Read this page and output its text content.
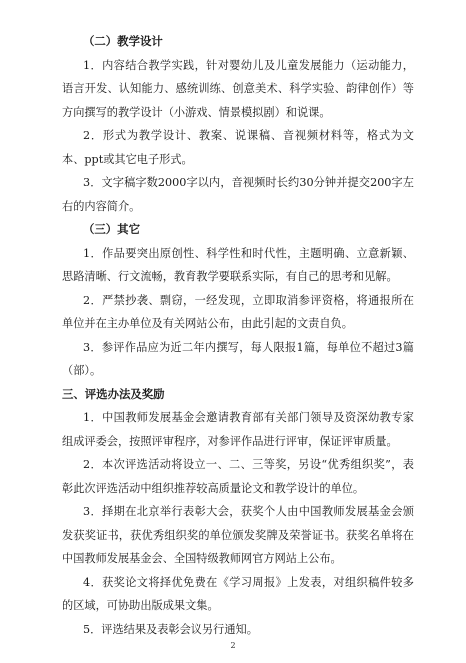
（二）教学设计

1．内容结合教学实践，针对婴幼儿及儿童发展能力（运动能力，语言开发、认知能力、感统训练、创意美术、科学实验、韵律创作）等方向撰写的教学设计（小游戏、情景模拟剧）和说课。

2．形式为教学设计、教案、说课稿、音视频材料等，格式为文本、ppt或其它电子形式。

3．文字稿字数2000字以内，音视频时长约30分钟并提交200字左右的内容简介。

（三）其它

1．作品要突出原创性、科学性和时代性，主题明确、立意新颖、思路清晰、行文流畅，教育教学要联系实际，有自己的思考和见解。

2．严禁抄袭、剽窃，一经发现，立即取消参评资格，将通报所在单位并在主办单位及有关网站公布，由此引起的文责自负。

3．参评作品应为近二年内撰写，每人限报1篇，每单位不超过3篇（部）。

三、评选办法及奖励

1．中国教师发展基金会邀请教育部有关部门领导及资深幼教专家组成评委会，按照评审程序，对参评作品进行评审，保证评审质量。

2．本次评选活动将设立一、二、三等奖，另设“优秀组织奖”，表彰此次评选活动中组织推荐较高质量论文和教学设计的单位。

3．择期在北京举行表彰大会，获奖个人由中国教师发展基金会颁发获奖证书，获优秀组织奖的单位颁发奖牌及荣誉证书。获奖名单将在中国教师发展基金会、全国特级教师网官方网站上公布。

4．获奖论文将择优免费在《学习周报》上发表，对组织稿件较多的区域，可协助出版成果文集。

5．评选结果及表彰会议另行通知。

2
